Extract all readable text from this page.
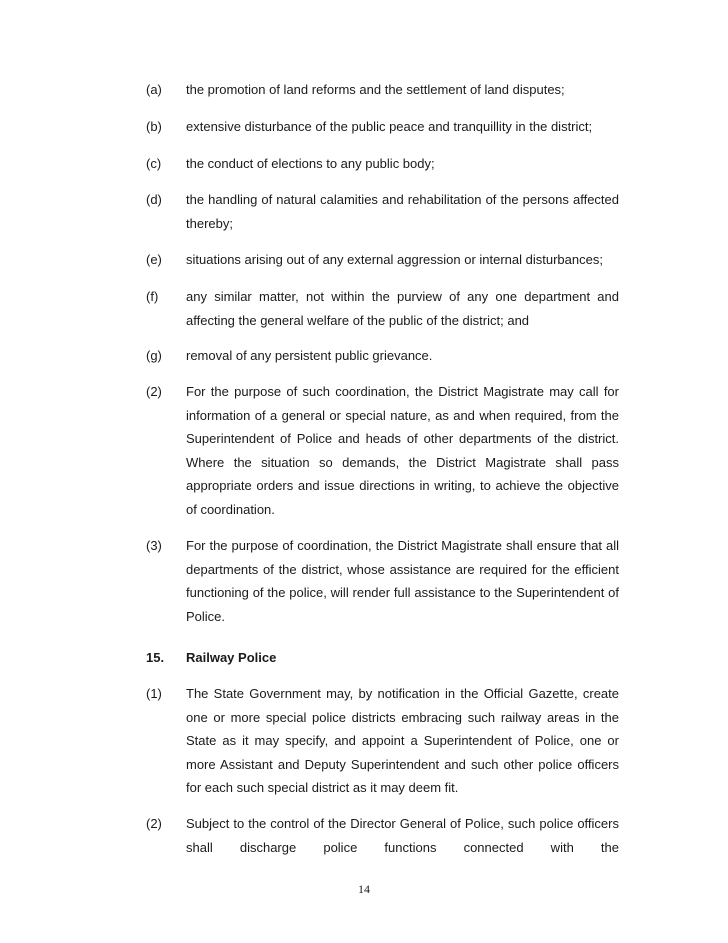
(a) the promotion of land reforms and the settlement of land disputes;
(b) extensive disturbance of the public peace and tranquillity in the district;
(c) the conduct of elections to any public body;
(d) the handling of natural calamities and rehabilitation of the persons affected thereby;
(e) situations arising out of any external aggression or internal disturbances;
(f) any similar matter, not within the purview of any one department and affecting the general welfare of the public of the district; and
(g) removal of any persistent public grievance.
(2) For the purpose of such coordination, the District Magistrate may call for information of a general or special nature, as and when required, from the Superintendent of Police and heads of other departments of the district. Where the situation so demands, the District Magistrate shall pass appropriate orders and issue directions in writing, to achieve the objective of coordination.
(3) For the purpose of coordination, the District Magistrate shall ensure that all departments of the district, whose assistance are required for the efficient functioning of the police, will render full assistance to the Superintendent of Police.
15. Railway Police
(1) The State Government may, by notification in the Official Gazette, create one or more special police districts embracing such railway areas in the State as it may specify, and appoint a Superintendent of Police, one or more Assistant and Deputy Superintendent and such other police officers for each such special district as it may deem fit.
(2) Subject to the control of the Director General of Police, such police officers shall discharge police functions connected with the
14
